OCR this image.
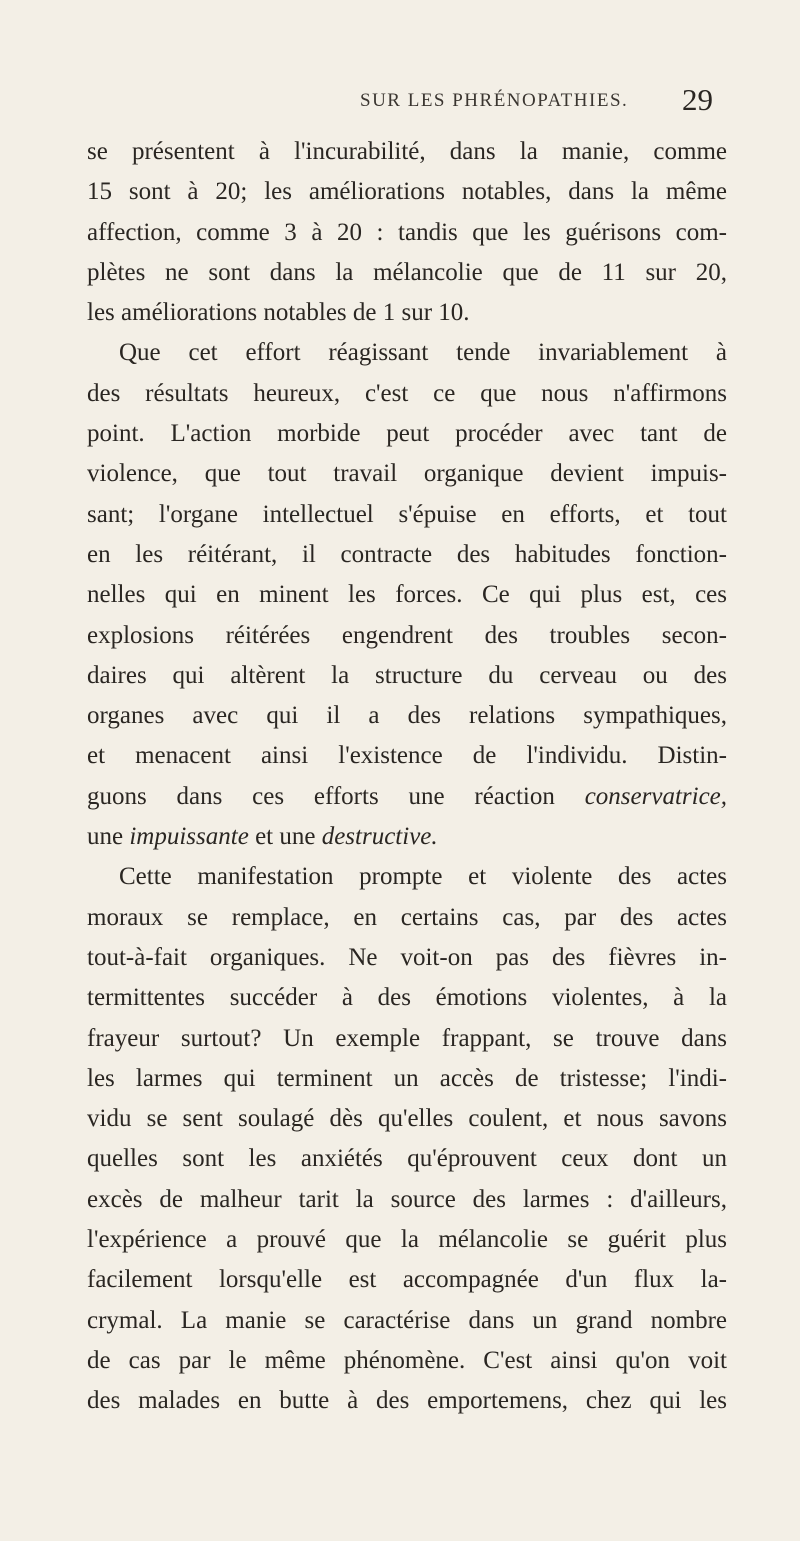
SUR LES PHRÉNOPATHIES. 29
se présentent à l'incurabilité, dans la manie, comme
15 sont à 20; les améliorations notables, dans la même
affection, comme 3 à 20 : tandis que les guérisons com-
plètes ne sont dans la mélancolie que de 11 sur 20,
les améliorations notables de 1 sur 10.
Que cet effort réagissant tende invariablement à
des résultats heureux, c'est ce que nous n'affirmons
point. L'action morbide peut procéder avec tant de
violence, que tout travail organique devient impuis-
sant; l'organe intellectuel s'épuise en efforts, et tout
en les réitérant, il contracte des habitudes fonction-
nelles qui en minent les forces. Ce qui plus est, ces
explosions réitérées engendrent des troubles secon-
daires qui altèrent la structure du cerveau ou des
organes avec qui il a des relations sympathiques,
et menacent ainsi l'existence de l'individu. Distin-
guons dans ces efforts une réaction conservatrice,
une impuissante et une destructive.
Cette manifestation prompte et violente des actes
moraux se remplace, en certains cas, par des actes
tout-à-fait organiques. Ne voit-on pas des fièvres in-
termittentes succéder à des émotions violentes, à la
frayeur surtout? Un exemple frappant, se trouve dans
les larmes qui terminent un accès de tristesse; l'indi-
vidu se sent soulagé dès qu'elles coulent, et nous savons
quelles sont les anxiétés qu'éprouvent ceux dont un
excès de malheur tarit la source des larmes : d'ailleurs,
l'expérience a prouvé que la mélancolie se guérit plus
facilement lorsqu'elle est accompagnée d'un flux la-
crymal. La manie se caractérise dans un grand nombre
de cas par le même phénomène. C'est ainsi qu'on voit
des malades en butte à des emportemens, chez qui les
